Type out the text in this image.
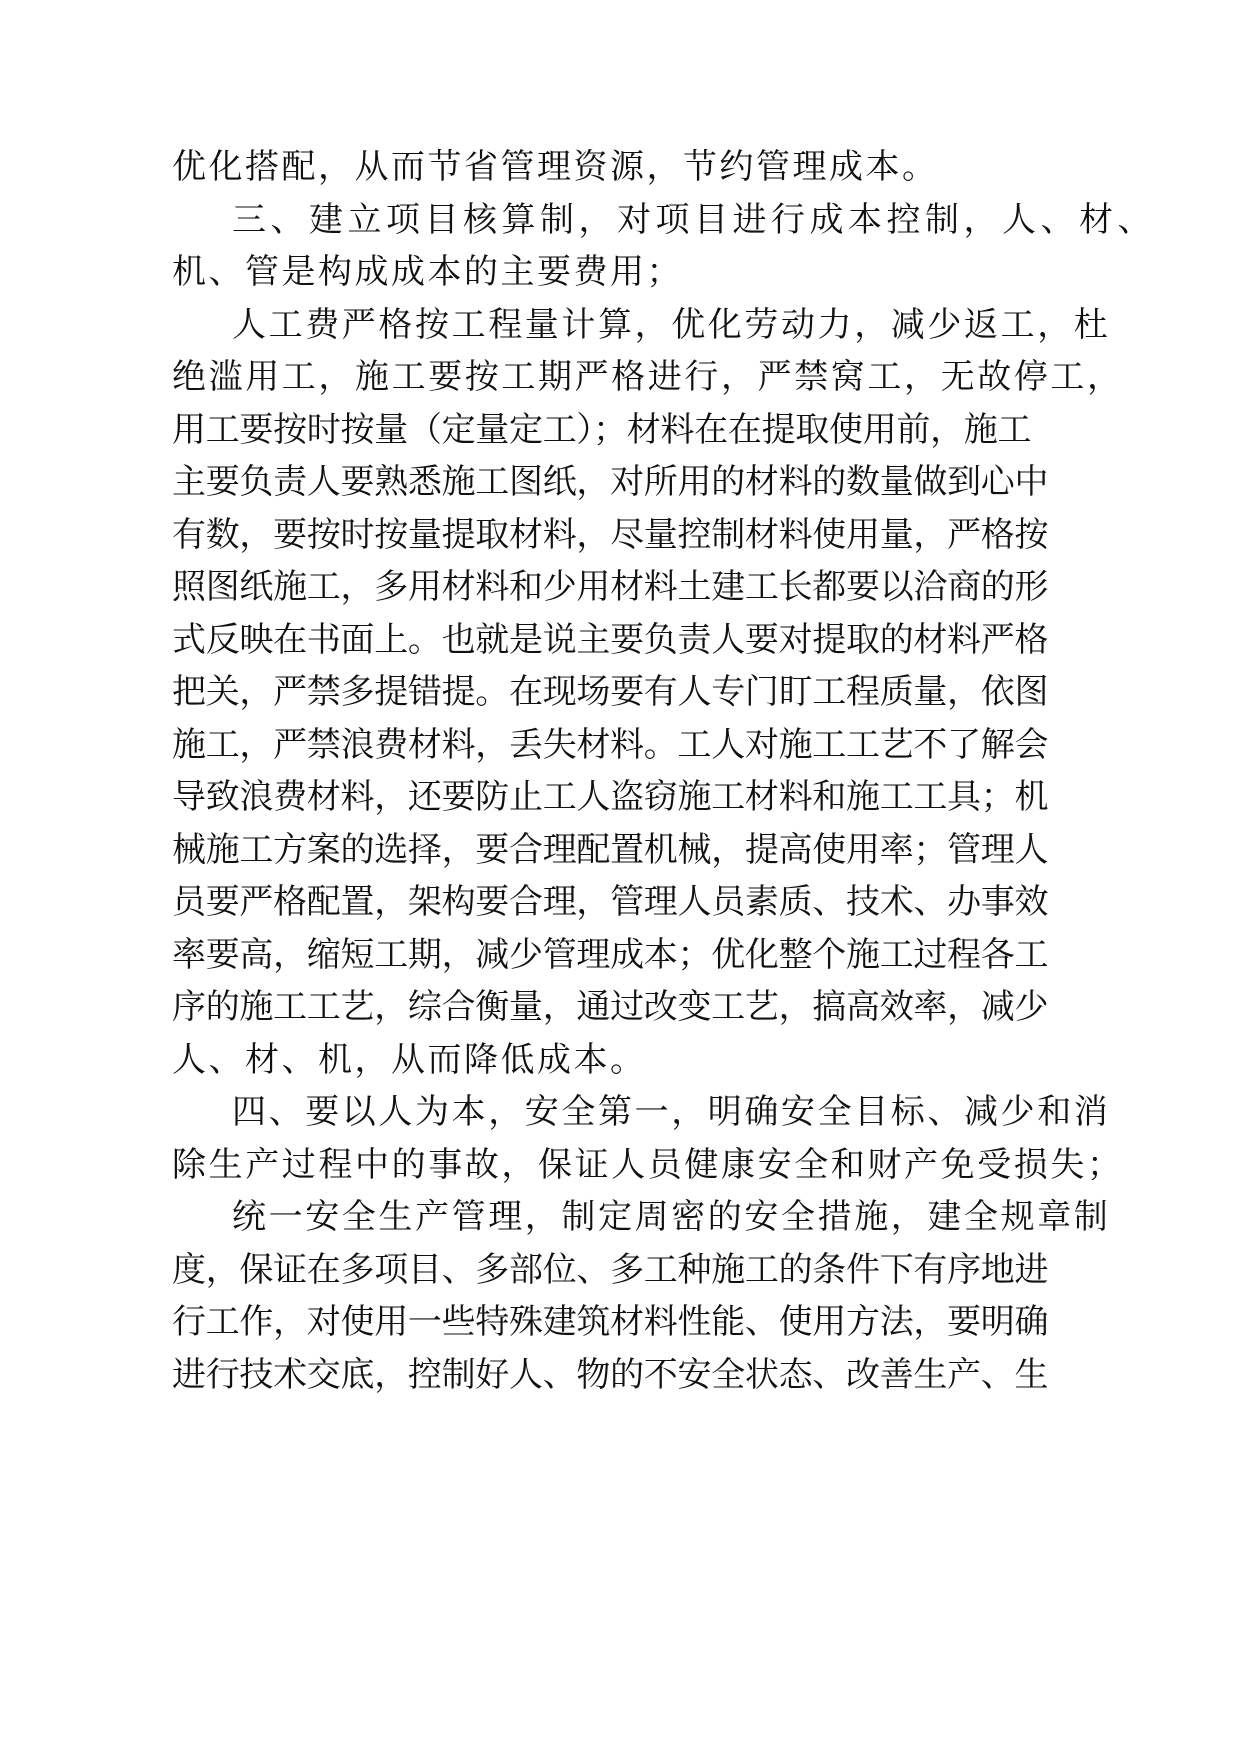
优化搭配，从而节省管理资源，节约管理成本。
三、建立项目核算制，对项目进行成本控制，人、材、
机、管是构成成本的主要费用；
人工费严格按工程量计算，优化劳动力，减少返工，杜
绝滥用工，施工要按工期严格进行，严禁窝工，无故停工，
用工要按时按量（定量定工）；材料在在提取使用前，施工
主要负责人要熟悉施工图纸，对所用的材料的数量做到心中
有数，要按时按量提取材料，尽量控制材料使用量，严格按
照图纸施工，多用材料和少用材料土建工长都要以洽商的形
式反映在书面上。也就是说主要负责人要对提取的材料严格
把关，严禁多提错提。在现场要有人专门盯工程质量，依图
施工，严禁浪费材料，丢失材料。工人对施工工艺不了解会
导致浪费材料，还要防止工人盗窃施工材料和施工工具；机
械施工方案的选择，要合理配置机械，提高使用率；管理人
员要严格配置，架构要合理，管理人员素质、技术、办事效
率要高，缩短工期，减少管理成本；优化整个施工过程各工
序的施工工艺，综合衡量，通过改变工艺，搞高效率，减少
人、材、机，从而降低成本。
四、要以人为本，安全第一，明确安全目标、减少和消
除生产过程中的事故，保证人员健康安全和财产免受损失；
统一安全生产管理，制定周密的安全措施，建全规章制
度，保证在多项目、多部位、多工种施工的条件下有序地进
行工作，对使用一些特殊建筑材料性能、使用方法，要明确
进行技术交底，控制好人、物的不安全状态、改善生产、生
